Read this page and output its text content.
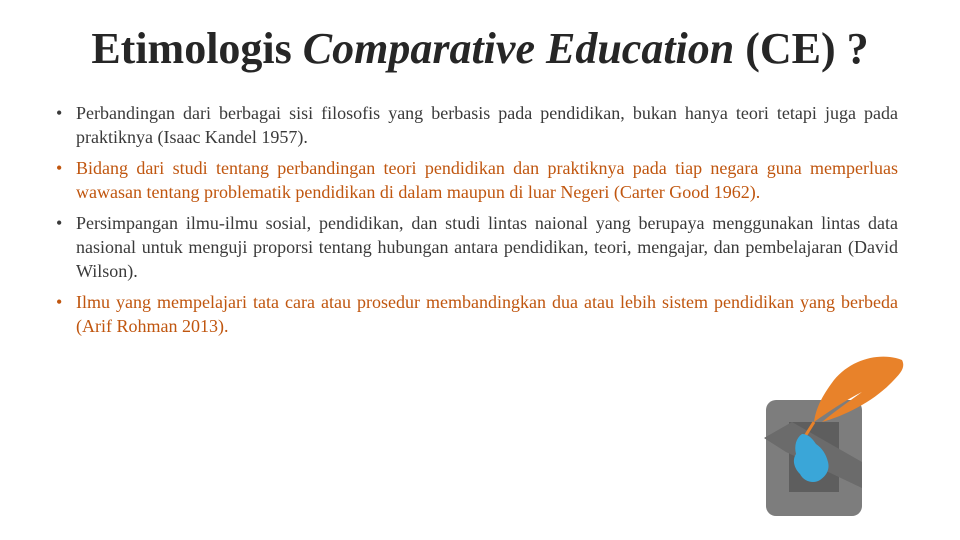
Etimologis Comparative Education (CE) ?
• Perbandingan dari berbagai sisi filosofis yang berbasis pada pendidikan, bukan hanya teori tetapi juga pada praktiknya (Isaac Kandel 1957).
• Bidang dari studi tentang perbandingan teori pendidikan dan praktiknya pada tiap negara guna memperluas wawasan tentang problematik pendidikan di dalam maupun di luar Negeri (Carter Good 1962).
• Persimpangan ilmu-ilmu sosial, pendidikan, dan studi lintas naional yang berupaya menggunakan lintas data nasional untuk menguji proporsi tentang hubungan antara pendidikan, teori, mengajar, dan pembelajaran (David Wilson).
• Ilmu yang mempelajari tata cara atau prosedur membandingkan dua atau lebih sistem pendidikan yang berbeda (Arif Rohman 2013).
